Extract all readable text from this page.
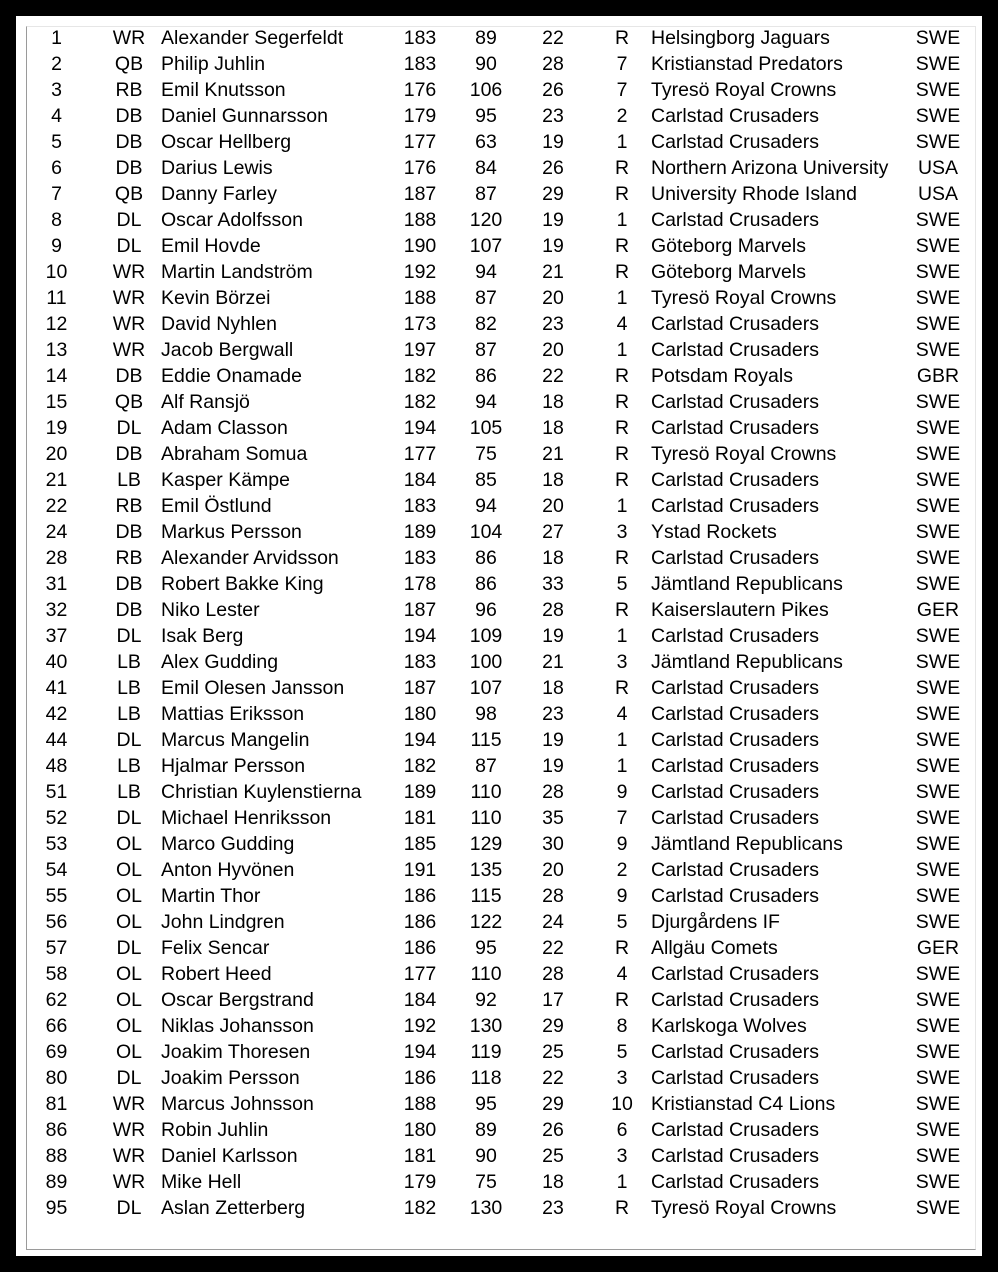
1	WR	Alexander Segerfeldt	183	89	22	R	Helsingborg Jaguars	SWE
2	QB	Philip Juhlin	183	90	28	7	Kristianstad Predators	SWE
3	RB	Emil Knutsson	176	106	26	7	Tyresö Royal Crowns	SWE
4	DB	Daniel Gunnarsson	179	95	23	2	Carlstad Crusaders	SWE
5	DB	Oscar Hellberg	177	63	19	1	Carlstad Crusaders	SWE
6	DB	Darius Lewis	176	84	26	R	Northern Arizona University	USA
7	QB	Danny Farley	187	87	29	R	University Rhode Island	USA
8	DL	Oscar Adolfsson	188	120	19	1	Carlstad Crusaders	SWE
9	DL	Emil Hovde	190	107	19	R	Göteborg Marvels	SWE
10	WR	Martin Landström	192	94	21	R	Göteborg Marvels	SWE
11	WR	Kevin Börzei	188	87	20	1	Tyresö Royal Crowns	SWE
12	WR	David Nyhlen	173	82	23	4	Carlstad Crusaders	SWE
13	WR	Jacob Bergwall	197	87	20	1	Carlstad Crusaders	SWE
14	DB	Eddie Onamade	182	86	22	R	Potsdam Royals	GBR
15	QB	Alf Ransjö	182	94	18	R	Carlstad Crusaders	SWE
19	DL	Adam Classon	194	105	18	R	Carlstad Crusaders	SWE
20	DB	Abraham Somua	177	75	21	R	Tyresö Royal Crowns	SWE
21	LB	Kasper Kämpe	184	85	18	R	Carlstad Crusaders	SWE
22	RB	Emil Östlund	183	94	20	1	Carlstad Crusaders	SWE
24	DB	Markus Persson	189	104	27	3	Ystad Rockets	SWE
28	RB	Alexander Arvidsson	183	86	18	R	Carlstad Crusaders	SWE
31	DB	Robert Bakke King	178	86	33	5	Jämtland Republicans	SWE
32	DB	Niko Lester	187	96	28	R	Kaiserslautern Pikes	GER
37	DL	Isak Berg	194	109	19	1	Carlstad Crusaders	SWE
40	LB	Alex Gudding	183	100	21	3	Jämtland Republicans	SWE
41	LB	Emil Olesen Jansson	187	107	18	R	Carlstad Crusaders	SWE
42	LB	Mattias Eriksson	180	98	23	4	Carlstad Crusaders	SWE
44	DL	Marcus Mangelin	194	115	19	1	Carlstad Crusaders	SWE
48	LB	Hjalmar Persson	182	87	19	1	Carlstad Crusaders	SWE
51	LB	Christian Kuylenstierna	189	110	28	9	Carlstad Crusaders	SWE
52	DL	Michael Henriksson	181	110	35	7	Carlstad Crusaders	SWE
53	OL	Marco Gudding	185	129	30	9	Jämtland Republicans	SWE
54	OL	Anton Hyvönen	191	135	20	2	Carlstad Crusaders	SWE
55	OL	Martin Thor	186	115	28	9	Carlstad Crusaders	SWE
56	OL	John Lindgren	186	122	24	5	Djurgårdens IF	SWE
57	DL	Felix Sencar	186	95	22	R	Allgäu Comets	GER
58	OL	Robert Heed	177	110	28	4	Carlstad Crusaders	SWE
62	OL	Oscar Bergstrand	184	92	17	R	Carlstad Crusaders	SWE
66	OL	Niklas Johansson	192	130	29	8	Karlskoga Wolves	SWE
69	OL	Joakim Thoresen	194	119	25	5	Carlstad Crusaders	SWE
80	DL	Joakim Persson	186	118	22	3	Carlstad Crusaders	SWE
81	WR	Marcus Johnsson	188	95	29	10	Kristianstad C4 Lions	SWE
86	WR	Robin Juhlin	180	89	26	6	Carlstad Crusaders	SWE
88	WR	Daniel Karlsson	181	90	25	3	Carlstad Crusaders	SWE
89	WR	Mike Hell	179	75	18	1	Carlstad Crusaders	SWE
95	DL	Aslan Zetterberg	182	130	23	R	Tyresö Royal Crowns	SWE
